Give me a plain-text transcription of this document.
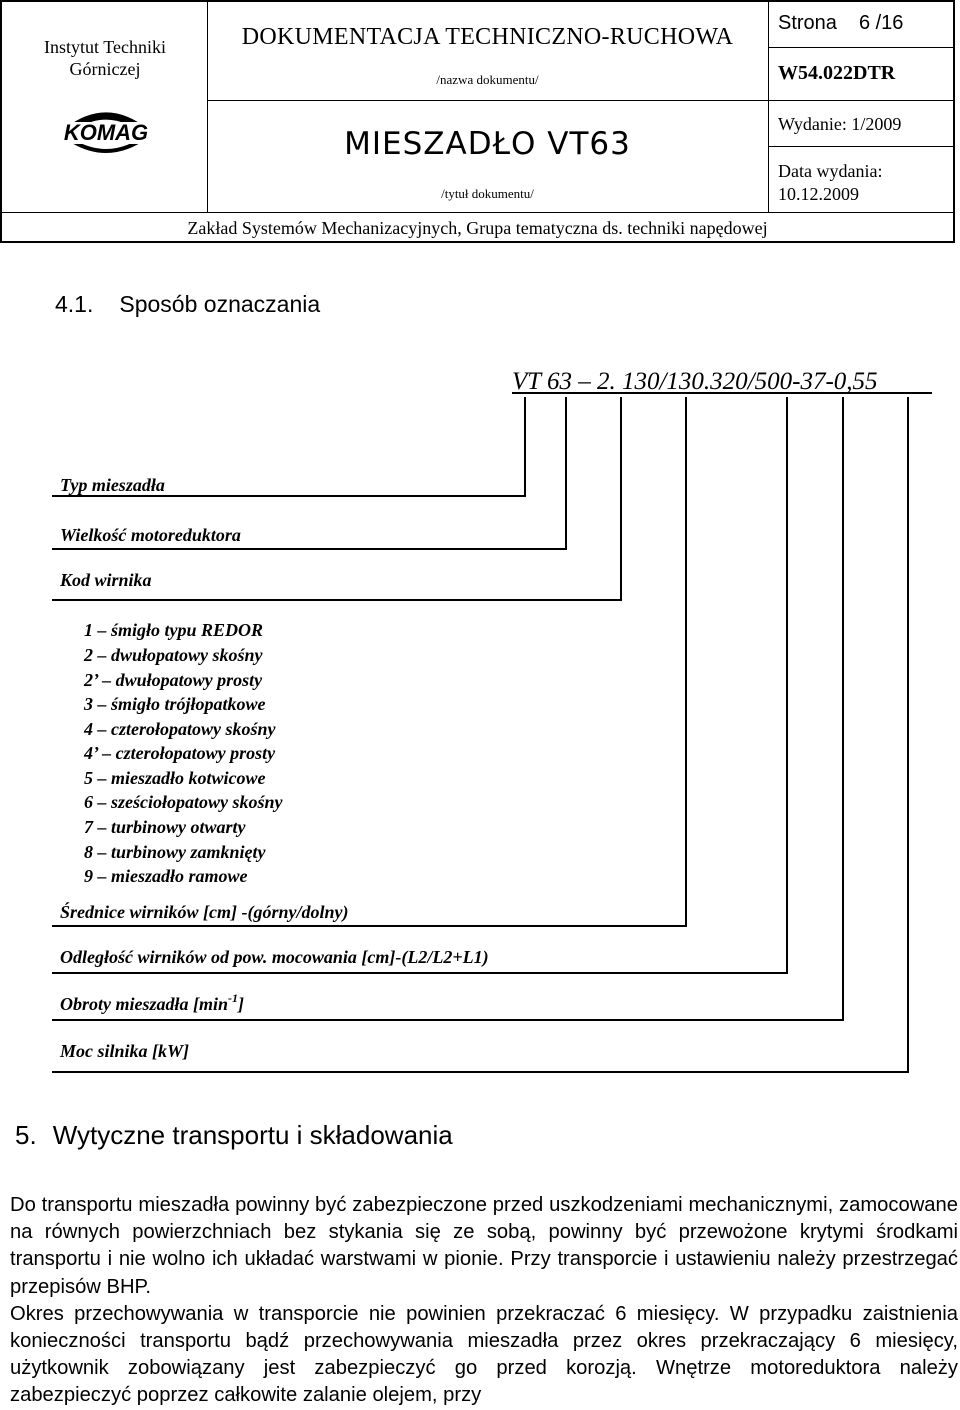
Instytut Techniki Górniczej
KOMAG
DOKUMENTACJA TECHNICZNO-RUCHOWA
/nazwa dokumentu/
MIESZADŁO VT63
/tytuł dokumentu/
Strona 6 /16
W54.022DTR
Wydanie: 1/2009
Data wydania:
10.12.2009
Zakład Systemów Mechanizacyjnych, Grupa tematyczna ds. techniki napędowej
4.1. Sposób oznaczania
VT 63 – 2. 130/130.320/500-37-0,55
Typ mieszadła
Wielkość motoreduktora
Kod wirnika
1 – śmigło typu REDOR
2 – dwułopatowy skośny
2’ – dwułopatowy prosty
3 – śmigło trójłopatkowe
4 – czterołopatowy skośny
4’ – czterołopatowy prosty
5 – mieszadło kotwicowe
6 – sześciołopatowy skośny
7 – turbinowy otwarty
8 – turbinowy zamknięty
9 – mieszadło ramowe
Średnice wirników [cm] -(górny/dolny)
Odległość wirników od pow. mocowania [cm]-(L2/L2+L1)
Obroty mieszadła $[\min^{-1}]$
Moc silnika [kW]
5. Wytyczne transportu i składowania

Do transportu mieszadła powinny być zabezpieczone przed uszkodzeniami mechanicznymi, zamocowane na równych powierzchniach bez stykania się ze sobą, powinny być przewożone krytymi środkami transportu i nie wolno ich układać warstwami w pionie. Przy transporcie i ustawieniu należy przestrzegać przepisów BHP.

Okres przechowywania w transporcie nie powinien przekraczać 6 miesięcy. W przypadku zaistnienia konieczności transportu bądź przechowywania mieszadła przez okres przekraczający 6 miesięcy, użytkownik zobowiązany jest zabezpieczyć go przed korozją. Wnętrze motoreduktora należy zabezpieczyć poprzez całkowite zalanie olejem, przy
